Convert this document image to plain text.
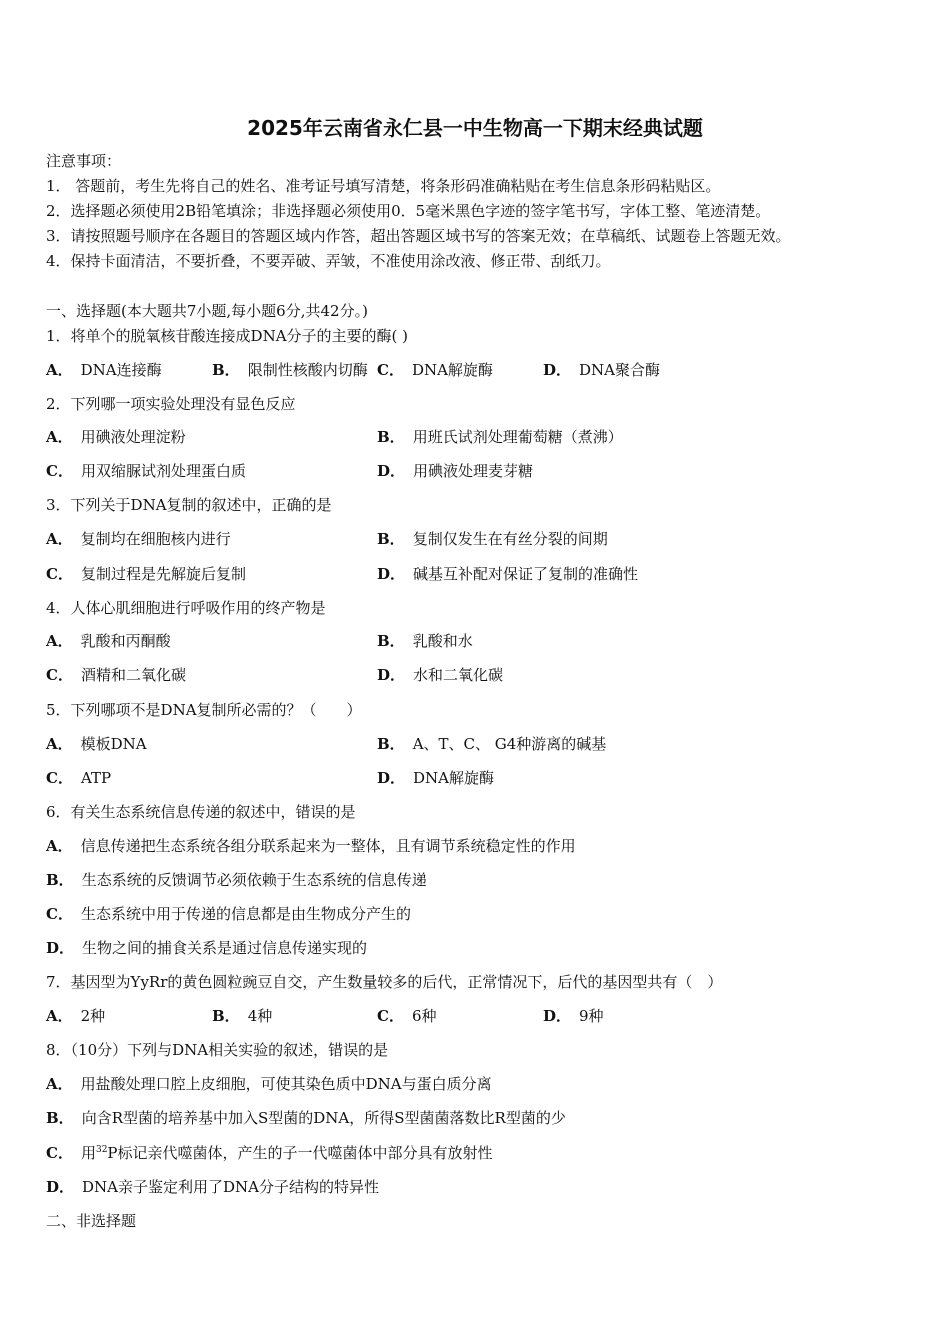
2025年云南省永仁县一中生物高一下期末经典试题
注意事项：
1． 答题前，考生先将自己的姓名、准考证号填写清楚，将条形码准确粘贴在考生信息条形码粘贴区。
2．选择题必须使用2B铅笔填涂；非选择题必须使用0．5毫米黑色字迹的签字笔书写，字体工整、笔迹清楚。
3．请按照题号顺序在各题目的答题区域内作答，超出答题区域书写的答案无效；在草稿纸、试题卷上答题无效。
4．保持卡面清洁，不要折叠，不要弄破、弄皱，不准使用涂改液、修正带、刮纸刀。
一、选择题(本大题共7小题,每小题6分,共42分。)
1．将单个的脱氧核苷酸连接成DNA分子的主要的酶( )
A． DNA连接酶	B． 限制性核酸内切酶 C． DNA解旋酶	D． DNA聚合酶
2．下列哪一项实验处理没有显色反应
A． 用碘液处理淀粉	B． 用班氏试剂处理葡萄糖（煮沸）
C． 用双缩脲试剂处理蛋白质	D． 用碘液处理麦芽糖
3．下列关于DNA复制的叙述中，正确的是
A． 复制均在细胞核内进行	B． 复制仅发生在有丝分裂的间期
C． 复制过程是先解旋后复制	D． 碱基互补配对保证了复制的准确性
4．人体心肌细胞进行呼吸作用的终产物是
A． 乳酸和丙酮酸	B． 乳酸和水
C． 酒精和二氧化碳	D． 水和二氧化碳
5．下列哪项不是DNA复制所必需的？（　　）
A． 模板DNA	B． A、T、C、 G4种游离的碱基
C． ATP	D． DNA解旋酶
6．有关生态系统信息传递的叙述中，错误的是
A． 信息传递把生态系统各组分联系起来为一整体，且有调节系统稳定性的作用
B． 生态系统的反馈调节必须依赖于生态系统的信息传递
C． 生态系统中用于传递的信息都是由生物成分产生的
D． 生物之间的捕食关系是通过信息传递实现的
7．基因型为YyRr的黄色圆粒豌豆自交，产生数量较多的后代，正常情况下，后代的基因型共有（　）
A． 2种	B． 4种	C． 6种	D． 9种
8．（10分）下列与DNA相关实验的叙述，错误的是
A． 用盐酸处理口腔上皮细胞，可使其染色质中DNA与蛋白质分离
B． 向含R型菌的培养基中加入S型菌的DNA，所得S型菌菌落数比R型菌的少
C． 用$^{32}$P标记亲代噬菌体，产生的子一代噬菌体中部分具有放射性
D． DNA亲子鉴定利用了DNA分子结构的特异性
二、非选择题
